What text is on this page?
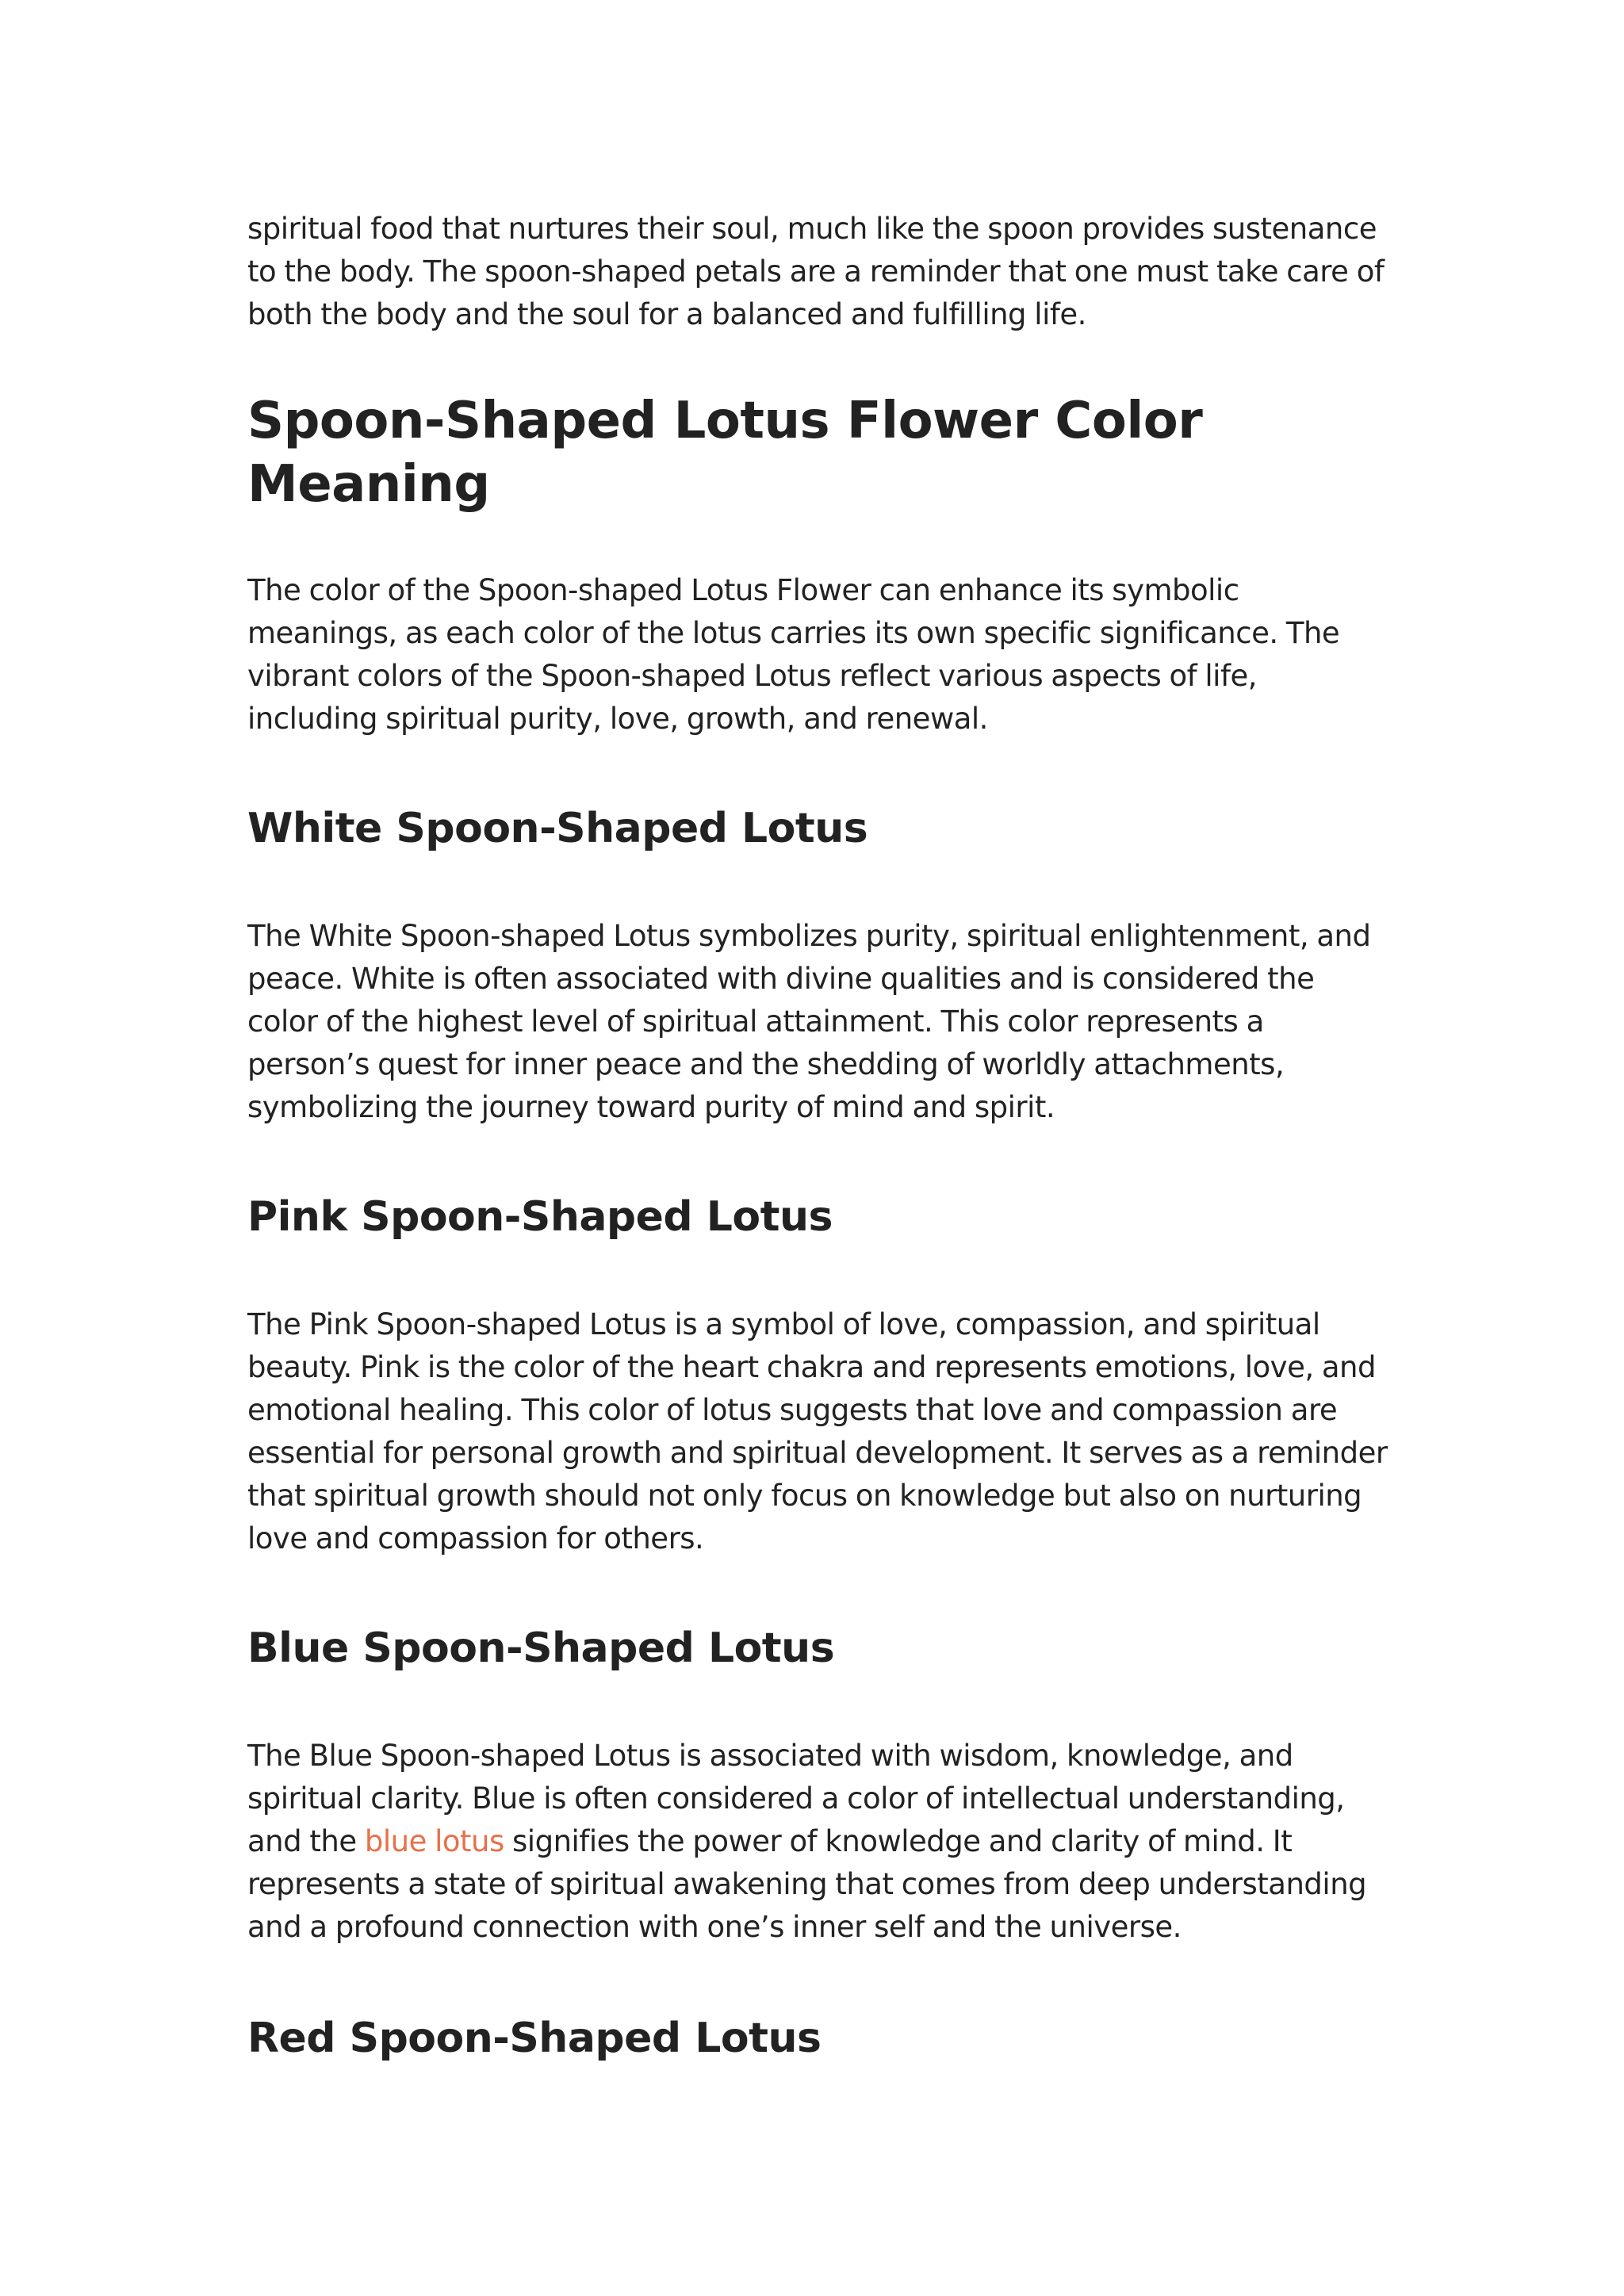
spiritual food that nurtures their soul, much like the spoon provides sustenance to the body. The spoon-shaped petals are a reminder that one must take care of both the body and the soul for a balanced and fulfilling life.

Spoon-Shaped Lotus Flower Color Meaning

The color of the Spoon-shaped Lotus Flower can enhance its symbolic meanings, as each color of the lotus carries its own specific significance. The vibrant colors of the Spoon-shaped Lotus reflect various aspects of life, including spiritual purity, love, growth, and renewal.

White Spoon-Shaped Lotus

The White Spoon-shaped Lotus symbolizes purity, spiritual enlightenment, and peace. White is often associated with divine qualities and is considered the color of the highest level of spiritual attainment. This color represents a person’s quest for inner peace and the shedding of worldly attachments, symbolizing the journey toward purity of mind and spirit.

Pink Spoon-Shaped Lotus

The Pink Spoon-shaped Lotus is a symbol of love, compassion, and spiritual beauty. Pink is the color of the heart chakra and represents emotions, love, and emotional healing. This color of lotus suggests that love and compassion are essential for personal growth and spiritual development. It serves as a reminder that spiritual growth should not only focus on knowledge but also on nurturing love and compassion for others.

Blue Spoon-Shaped Lotus

The Blue Spoon-shaped Lotus is associated with wisdom, knowledge, and spiritual clarity. Blue is often considered a color of intellectual understanding, and the blue lotus signifies the power of knowledge and clarity of mind. It represents a state of spiritual awakening that comes from deep understanding and a profound connection with one’s inner self and the universe.

Red Spoon-Shaped Lotus
